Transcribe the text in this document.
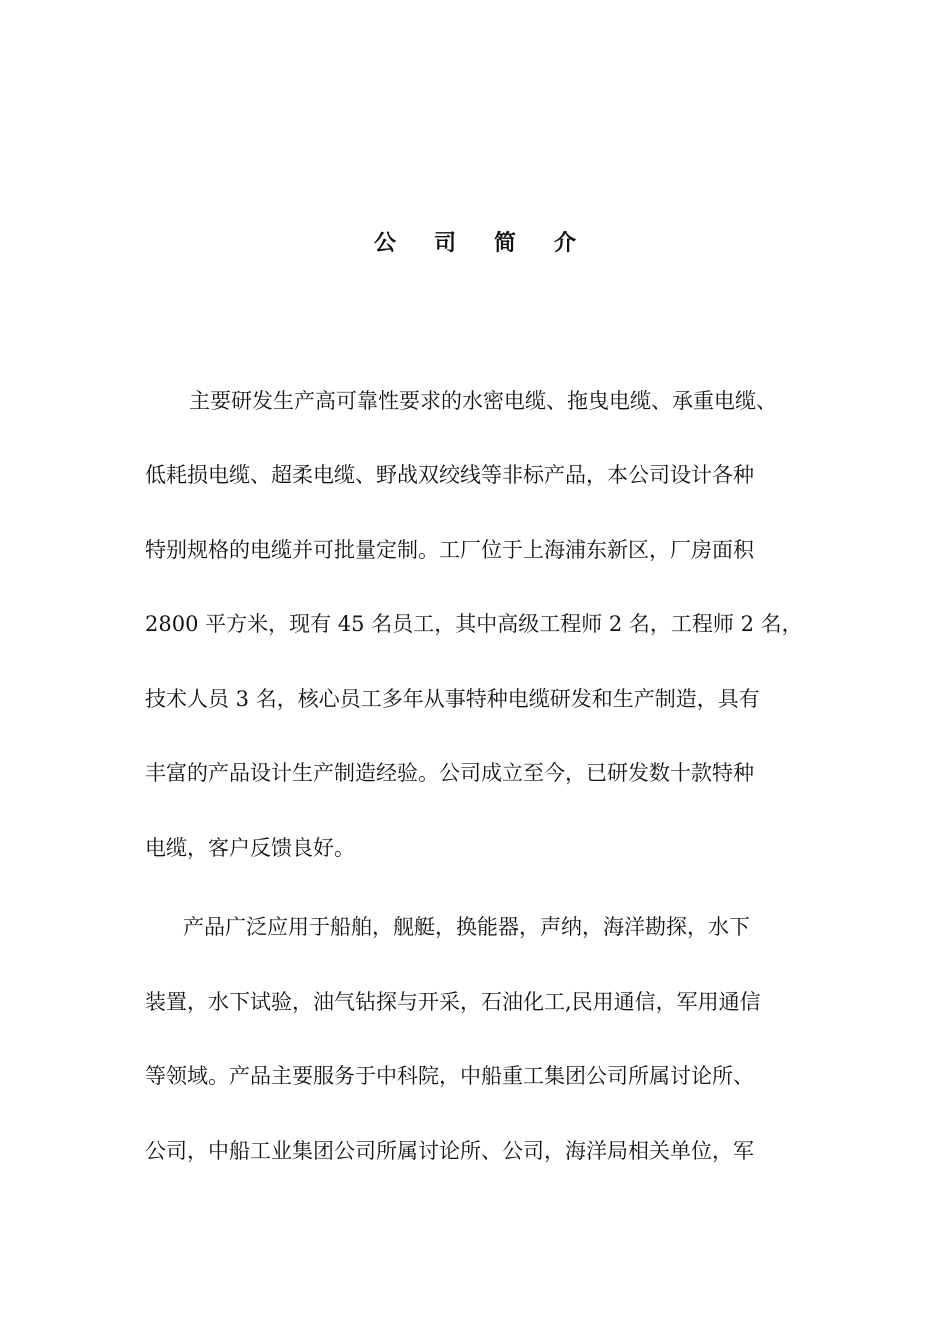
公 司 简 介
主要研发生产高可靠性要求的水密电缆、拖曳电缆、承重电缆、
低耗损电缆、超柔电缆、野战双绞线等非标产品，本公司设计各种
特别规格的电缆并可批量定制。工厂位于上海浦东新区，厂房面积
2800 平方米，现有 45 名员工，其中高级工程师 2 名，工程师 2 名，
技术人员 3 名，核心员工多年从事特种电缆研发和生产制造，具有
丰富的产品设计生产制造经验。公司成立至今，已研发数十款特种
电缆，客户反馈良好。
产品广泛应用于船舶，舰艇，换能器，声纳，海洋勘探，水下
装置，水下试验，油气钻探与开采，石油化工,民用通信，军用通信
等领域。产品主要服务于中科院，中船重工集团公司所属讨论所、
公司，中船工业集团公司所属讨论所、公司，海洋局相关单位，军
